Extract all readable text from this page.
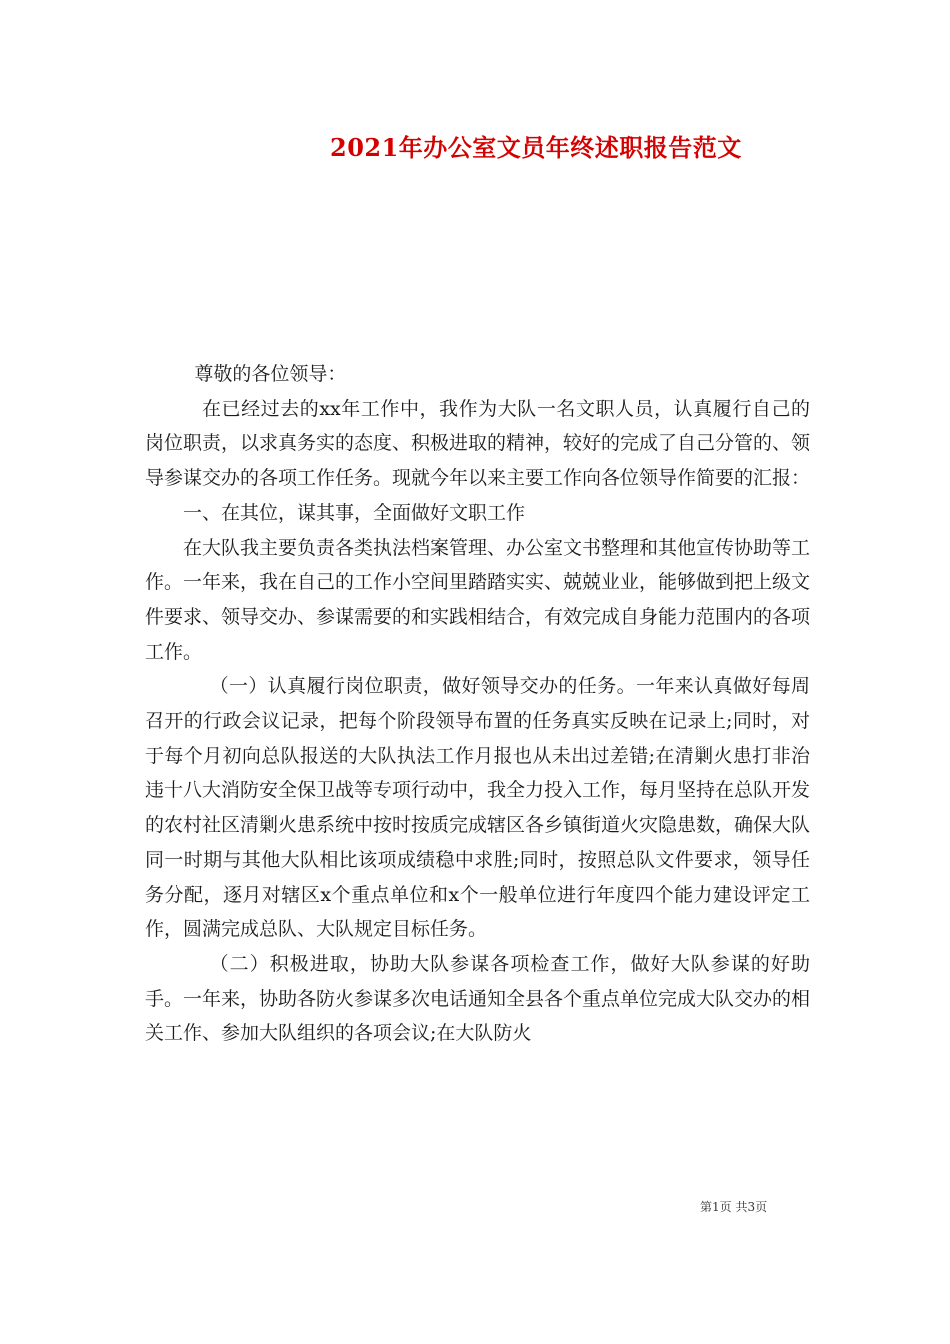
2021年办公室文员年终述职报告范文

尊敬的各位领导：

在已经过去的xx年工作中，我作为大队一名文职人员，认真履行自己的岗位职责，以求真务实的态度、积极进取的精神，较好的完成了自己分管的、领导参谋交办的各项工作任务。现就今年以来主要工作向各位领导作简要的汇报：

一、在其位，谋其事，全面做好文职工作

在大队我主要负责各类执法档案管理、办公室文书整理和其他宣传协助等工作。一年来，我在自己的工作小空间里踏踏实实、兢兢业业，能够做到把上级文件要求、领导交办、参谋需要的和实践相结合，有效完成自身能力范围内的各项工作。

（一）认真履行岗位职责，做好领导交办的任务。一年来认真做好每周召开的行政会议记录，把每个阶段领导布置的任务真实反映在记录上;同时，对于每个月初向总队报送的大队执法工作月报也从未出过差错;在清剿火患打非治违十八大消防安全保卫战等专项行动中，我全力投入工作，每月坚持在总队开发的农村社区清剿火患系统中按时按质完成辖区各乡镇街道火灾隐患数，确保大队同一时期与其他大队相比该项成绩稳中求胜;同时，按照总队文件要求，领导任务分配，逐月对辖区x个重点单位和x个一般单位进行年度四个能力建设评定工作，圆满完成总队、大队规定目标任务。

（二）积极进取，协助大队参谋各项检查工作，做好大队参谋的好助手。一年来，协助各防火参谋多次电话通知全县各个重点单位完成大队交办的相关工作、参加大队组织的各项会议;在大队防火

第1页 共3页
